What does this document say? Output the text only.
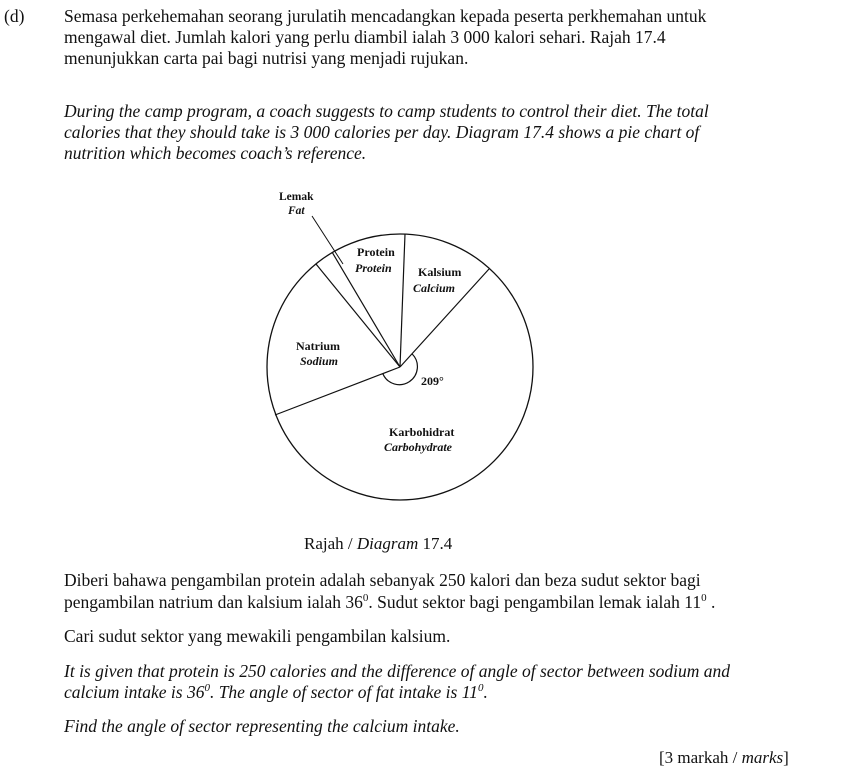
(d) Semasa perkehemahan seorang jurulatih mencadangkan kepada peserta perkhemahan untuk
mengawal diet. Jumlah kalori yang perlu diambil ialah 3 000 kalori sehari. Rajah 17.4
menunjukkan carta pai bagi nutrisi yang menjadi rujukan.
During the camp program, a coach suggests to camp students to control their diet. The total
calories that they should take is 3 000 calories per day. Diagram 17.4 shows a pie chart of
nutrition which becomes coach’s reference.
Lemak
Fat
Protein
Protein Kalsium
Calcium
Natrium
Sodium
209°
Karbohidrat
Carbohydrate
Rajah / Diagram 17.4
Diberi bahawa pengambilan protein adalah sebanyak 250 kalori dan beza sudut sektor bagi
pengambilan natrium dan kalsium ialah $36^0$. Sudut sektor bagi pengambilan lemak ialah $11^0$ .
Cari sudut sektor yang mewakili pengambilan kalsium.
It is given that protein is 250 calories and the difference of angle of sector between sodium and
calcium intake is $36^0$. The angle of sector of fat intake is $11^0$.
Find the angle of sector representing the calcium intake.
[3 markah / marks]
